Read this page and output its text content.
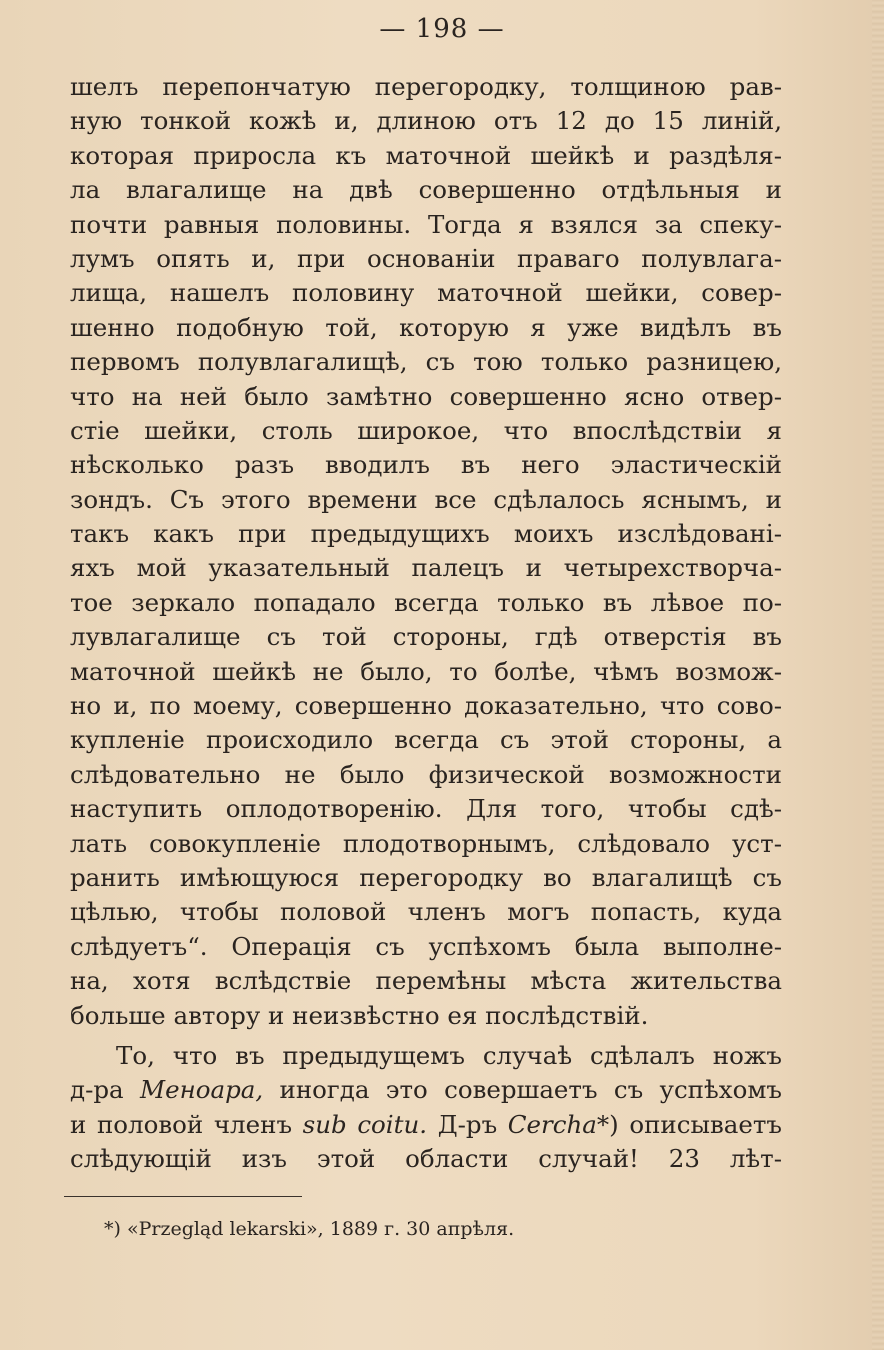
— 198 —
шелъ перепончатую перегородку, толщиною рав-
ную тонкой кожѣ и, длиною отъ 12 до 15 линій,
которая приросла къ маточной шейкѣ и раздѣля-
ла влагалище на двѣ совершенно отдѣльныя и
почти равныя половины. Тогда я взялся за спеку-
лумъ опять и, при основаніи праваго полувлага-
лища, нашелъ половину маточной шейки, совер-
шенно подобную той, которую я уже видѣлъ въ
первомъ полувлагалищѣ, съ тою только разницею,
что на ней было замѣтно совершенно ясно отвер-
стіе шейки, столь широкое, что впослѣдствіи я
нѣсколько разъ вводилъ въ него эластическій
зондъ. Съ этого времени все сдѣлалось яснымъ, и
такъ какъ при предыдущихъ моихъ изслѣдованi-
яхъ мой указательный палецъ и четырехстворча-
тое зеркало попадало всегда только въ лѣвое по-
лувлагалище съ той стороны, гдѣ отверстія въ
маточной шейкѣ не было, то болѣе, чѣмъ возмож-
но и, по моему, совершенно доказательно, что сово-
купленіе происходило всегда съ этой стороны, а
слѣдовательно не было физической возможности
наступить оплодотворенію. Для того, чтобы сдѣ-
лать совокупленіе плодотворнымъ, слѣдовало уст-
ранить имѣющуюся перегородку во влагалищѣ съ
цѣлью, чтобы половой членъ могъ попасть, куда
слѣдуетъ“. Операція съ успѣхомъ была выполне-
на, хотя вслѣдствіе перемѣны мѣста жительства
больше автору и неизвѣстно ея послѣдствій.
То, что въ предыдущемъ случаѣ сдѣлалъ ножъ
д-ра Меноара, иногда это совершаетъ съ успѣхомъ
и половой членъ sub coitu. Д-ръ Cercha*) описываетъ
слѣдующій изъ этой области случай! 23 лѣт-
*) «Przegląd lekarski», 1889 г. 30 апрѣля.
